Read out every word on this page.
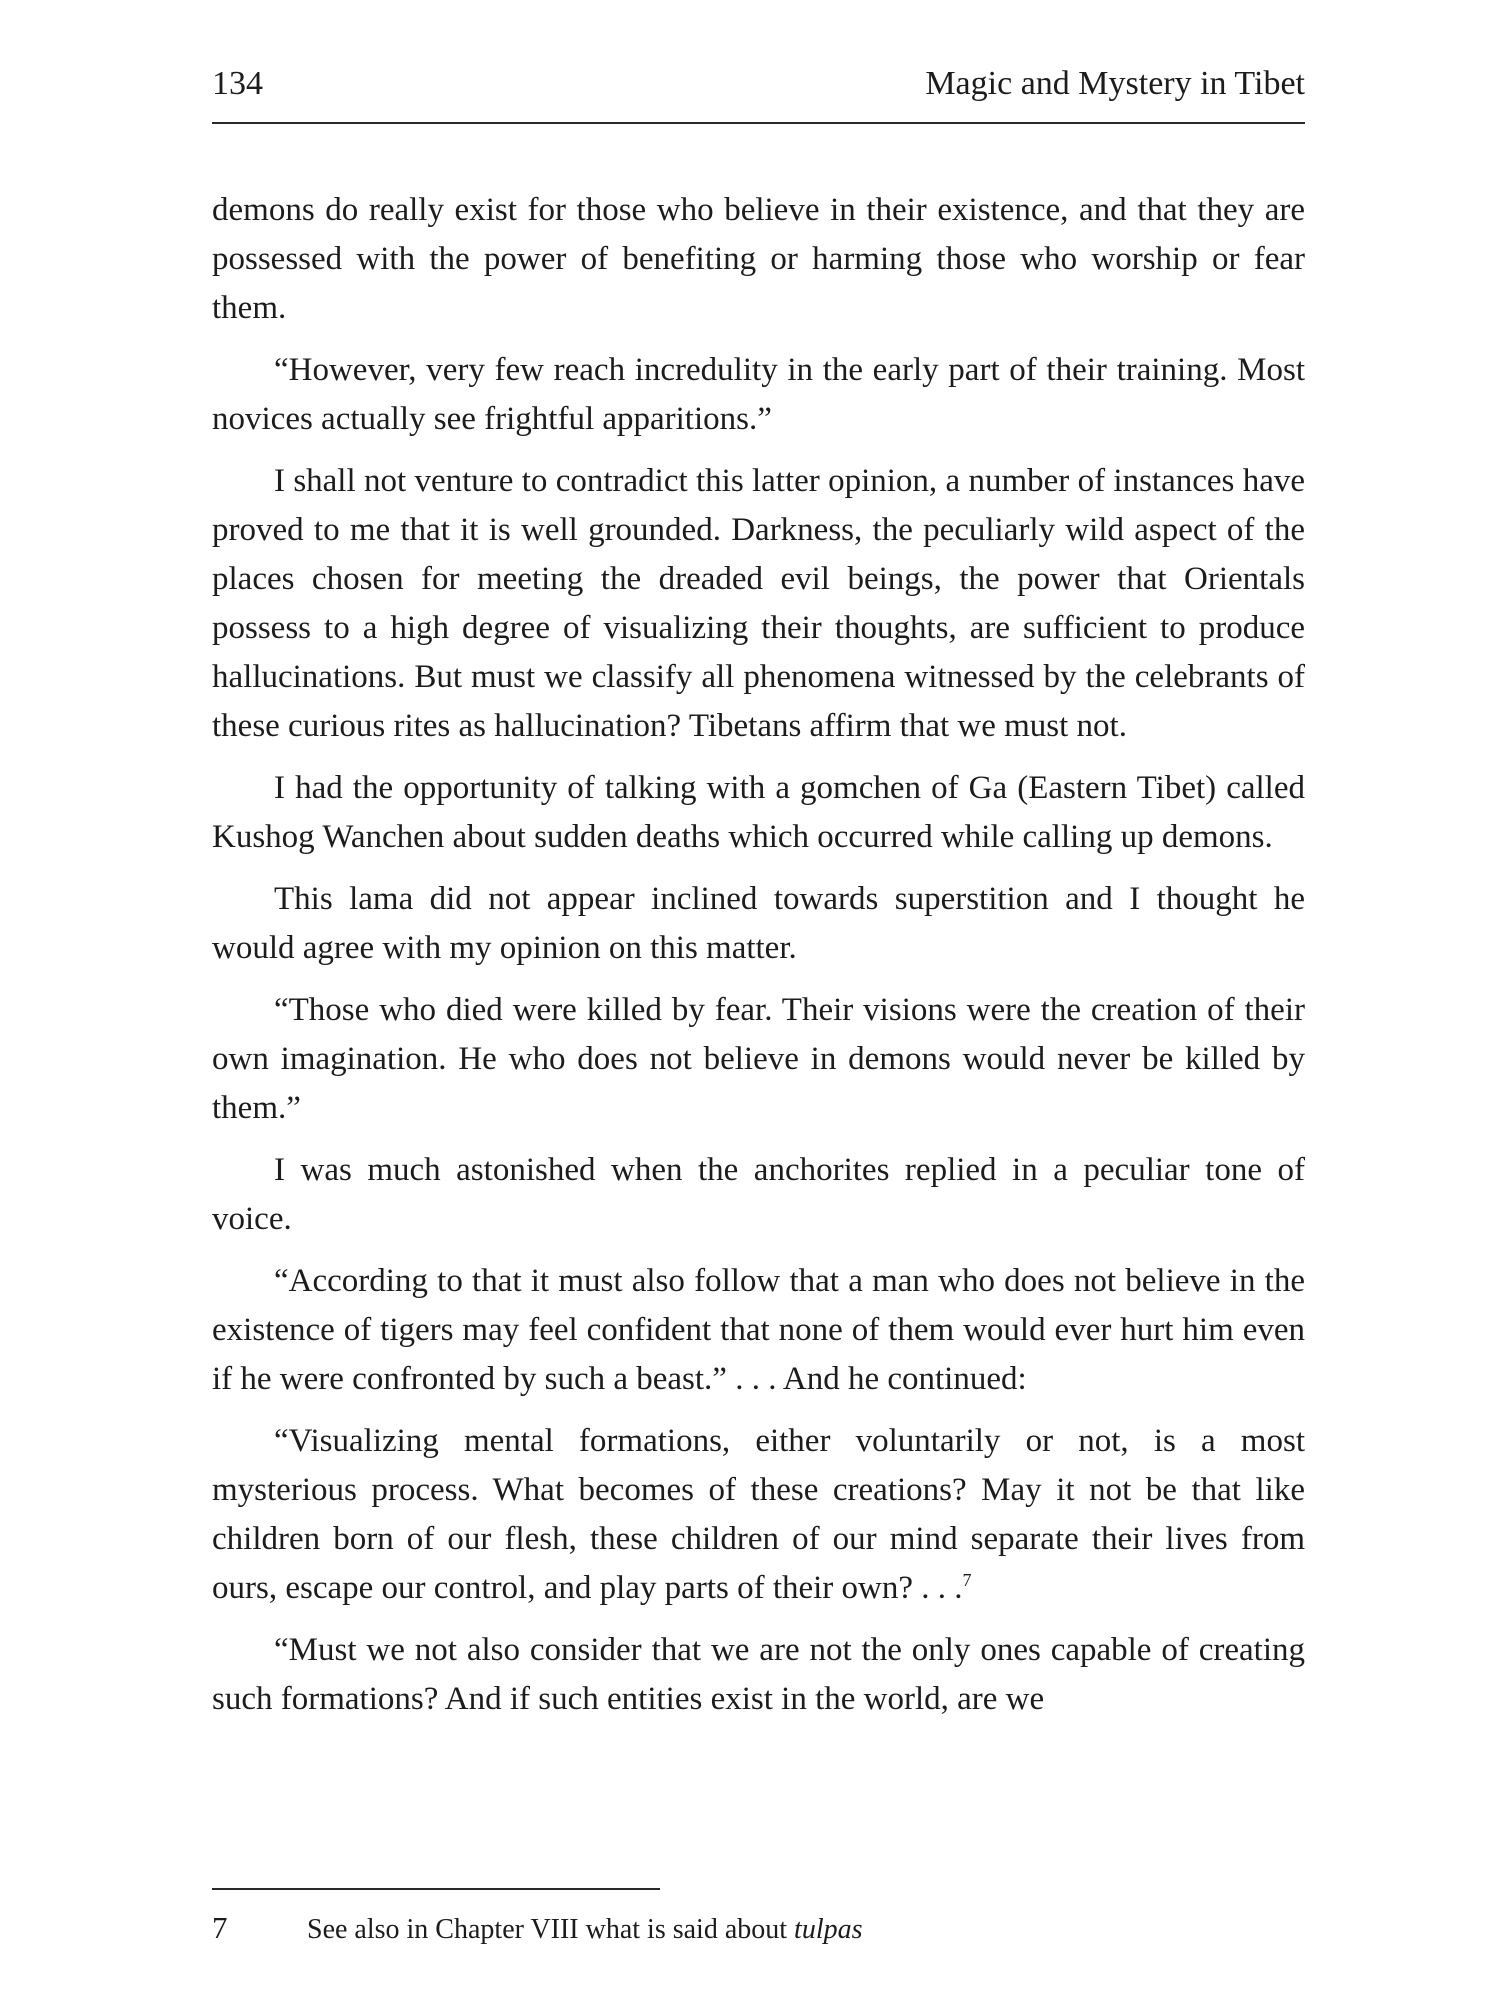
134	Magic and Mystery in Tibet

demons do really exist for those who believe in their existence, and that they are possessed with the power of benefiting or harming those who worship or fear them.

“However, very few reach incredulity in the early part of their training. Most novices actually see frightful apparitions.”

I shall not venture to contradict this latter opinion, a number of instances have proved to me that it is well grounded. Darkness, the peculiarly wild aspect of the places chosen for meeting the dreaded evil beings, the power that Orientals possess to a high degree of visualizing their thoughts, are sufficient to produce hallucinations. But must we classify all phenomena witnessed by the celebrants of these curious rites as hallucination? Tibetans affirm that we must not.

I had the opportunity of talking with a gomchen of Ga (Eastern Tibet) called Kushog Wanchen about sudden deaths which occurred while calling up demons.

This lama did not appear inclined towards superstition and I thought he would agree with my opinion on this matter.

“Those who died were killed by fear. Their visions were the creation of their own imagination. He who does not believe in demons would never be killed by them.”

I was much astonished when the anchorites replied in a peculiar tone of voice.

“According to that it must also follow that a man who does not believe in the existence of tigers may feel confident that none of them would ever hurt him even if he were confronted by such a beast.” . . . And he continued:

“Visualizing mental formations, either voluntarily or not, is a most mysterious process. What becomes of these creations? May it not be that like children born of our flesh, these children of our mind separate their lives from ours, escape our control, and play parts of their own? . . .$^7$

“Must we not also consider that we are not the only ones capable of creating such formations? And if such entities exist in the world, are we

7	See also in Chapter VIII what is said about tulpas
